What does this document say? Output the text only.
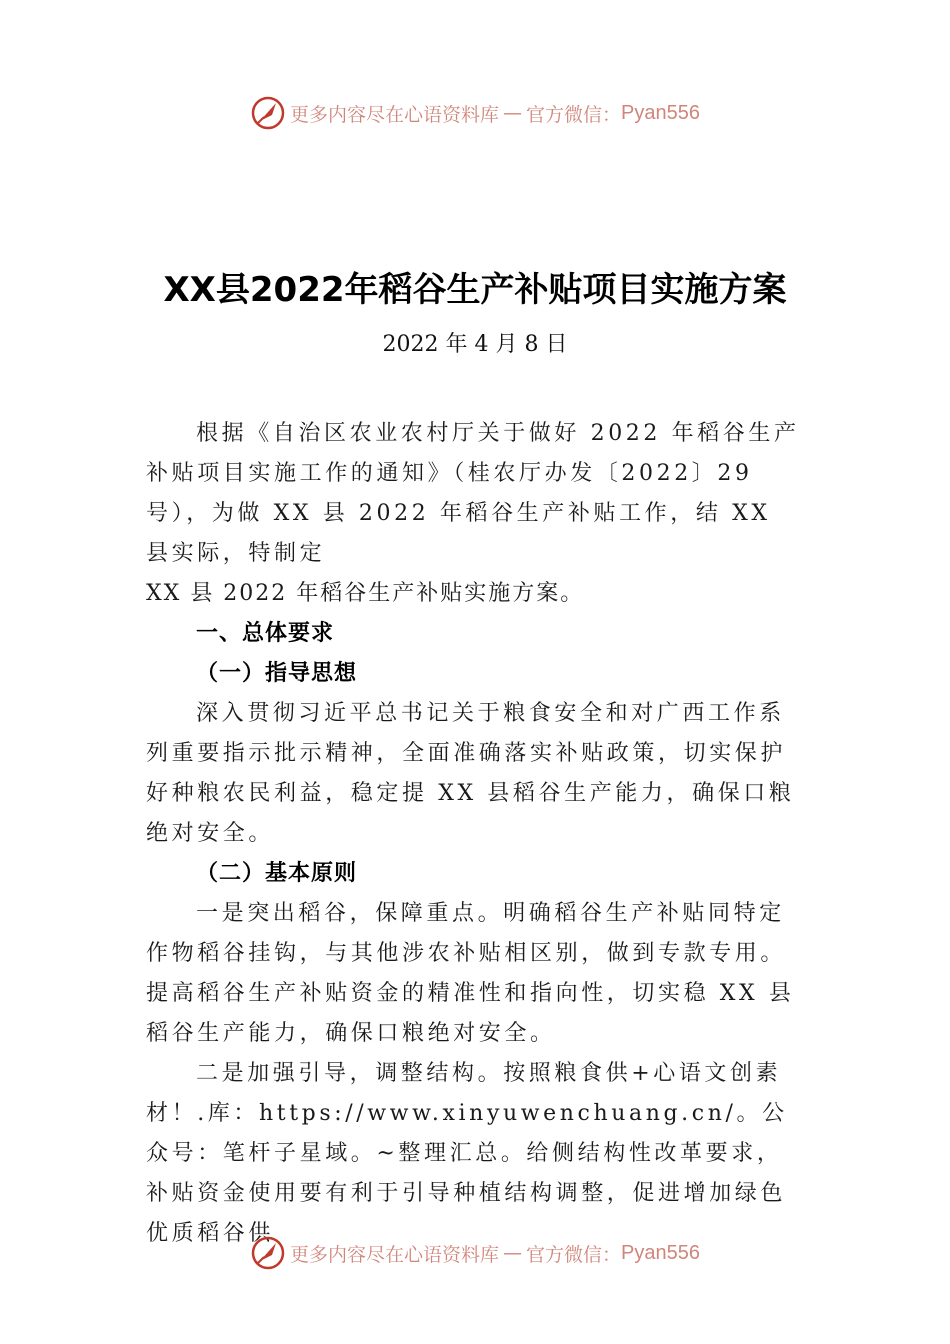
更多内容尽在心语资料库 — 官方微信： Pyan556
XX县2022年稻谷生产补贴项目实施方案
2022 年 4 月 8 日

根据《自治区农业农村厅关于做好 2022 年稻谷生产补贴项目实施工作的通知》（桂农厅办发〔2022〕29 号），为做 XX 县 2022 年稻谷生产补贴工作，结 XX 县实际，特制定

XX 县 2022 年稻谷生产补贴实施方案。

一、总体要求

（一）指导思想

深入贯彻习近平总书记关于粮食安全和对广西工作系列重要指示批示精神，全面准确落实补贴政策，切实保护好种粮农民利益，稳定提 XX 县稻谷生产能力，确保口粮绝对安全。

（二）基本原则

一是突出稻谷，保障重点。明确稻谷生产补贴同特定作物稻谷挂钩，与其他涉农补贴相区别，做到专款专用。提高稻谷生产补贴资金的精准性和指向性，切实稳 XX 县稻谷生产能力，确保口粮绝对安全。

二是加强引导，调整结构。按照粮食供+心语文创素材！.库：https://www.xinyuwenchuang.cn/。公众号：笔杆子星域。~整理汇总。给侧结构性改革要求，补贴资金使用要有利于引导种植结构调整，促进增加绿色优质稻谷供

更多内容尽在心语资料库 — 官方微信： Pyan556
